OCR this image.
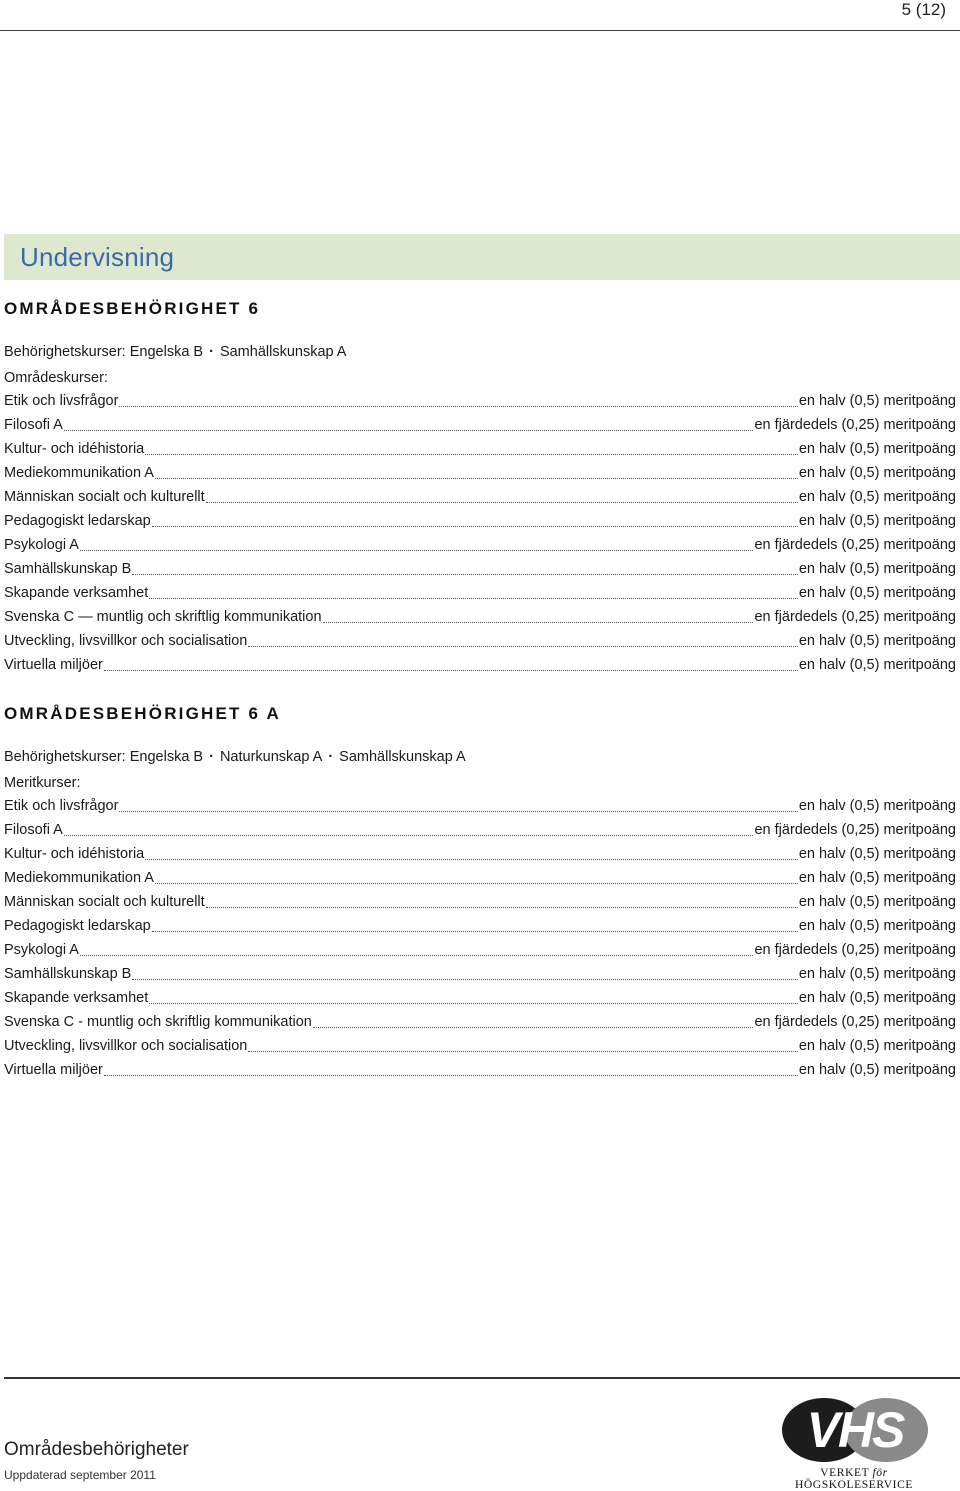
5 (12)
Undervisning
OMRÅDESBEHÖRIGHET 6
Behörighetskurser: Engelska B · Samhällskunskap A
Områdeskurser:
Etik och livsfrågor	en halv (0,5) meritpoäng
Filosofi A	en fjärdedels (0,25) meritpoäng
Kultur- och idéhistoria	en halv (0,5) meritpoäng
Mediekommunikation A	en halv (0,5) meritpoäng
Människan socialt och kulturellt	en halv (0,5) meritpoäng
Pedagogiskt ledarskap	en halv (0,5) meritpoäng
Psykologi A	en fjärdedels (0,25) meritpoäng
Samhällskunskap B	en halv (0,5) meritpoäng
Skapande verksamhet	en halv (0,5) meritpoäng
Svenska C — muntlig och skriftlig kommunikation	en fjärdedels (0,25) meritpoäng
Utveckling, livsvillkor och socialisation	en halv (0,5) meritpoäng
Virtuella miljöer	en halv (0,5) meritpoäng
OMRÅDESBEHÖRIGHET 6 A
Behörighetskurser: Engelska B · Naturkunskap A · Samhällskunskap A
Meritkurser:
Etik och livsfrågor	en halv (0,5) meritpoäng
Filosofi A	en fjärdedels (0,25) meritpoäng
Kultur- och idéhistoria	en halv (0,5) meritpoäng
Mediekommunikation A	en halv (0,5) meritpoäng
Människan socialt och kulturellt	en halv (0,5) meritpoäng
Pedagogiskt ledarskap	en halv (0,5) meritpoäng
Psykologi A	en fjärdedels (0,25) meritpoäng
Samhällskunskap B	en halv (0,5) meritpoäng
Skapande verksamhet	en halv (0,5) meritpoäng
Svenska C - muntlig och skriftlig kommunikation	en fjärdedels (0,25) meritpoäng
Utveckling, livsvillkor och socialisation	en halv (0,5) meritpoäng
Virtuella miljöer	en halv (0,5) meritpoäng
Områdesbehörigheter
Uppdaterad september 2011
VHS
VERKET för HÖGSKOLESERVICE
